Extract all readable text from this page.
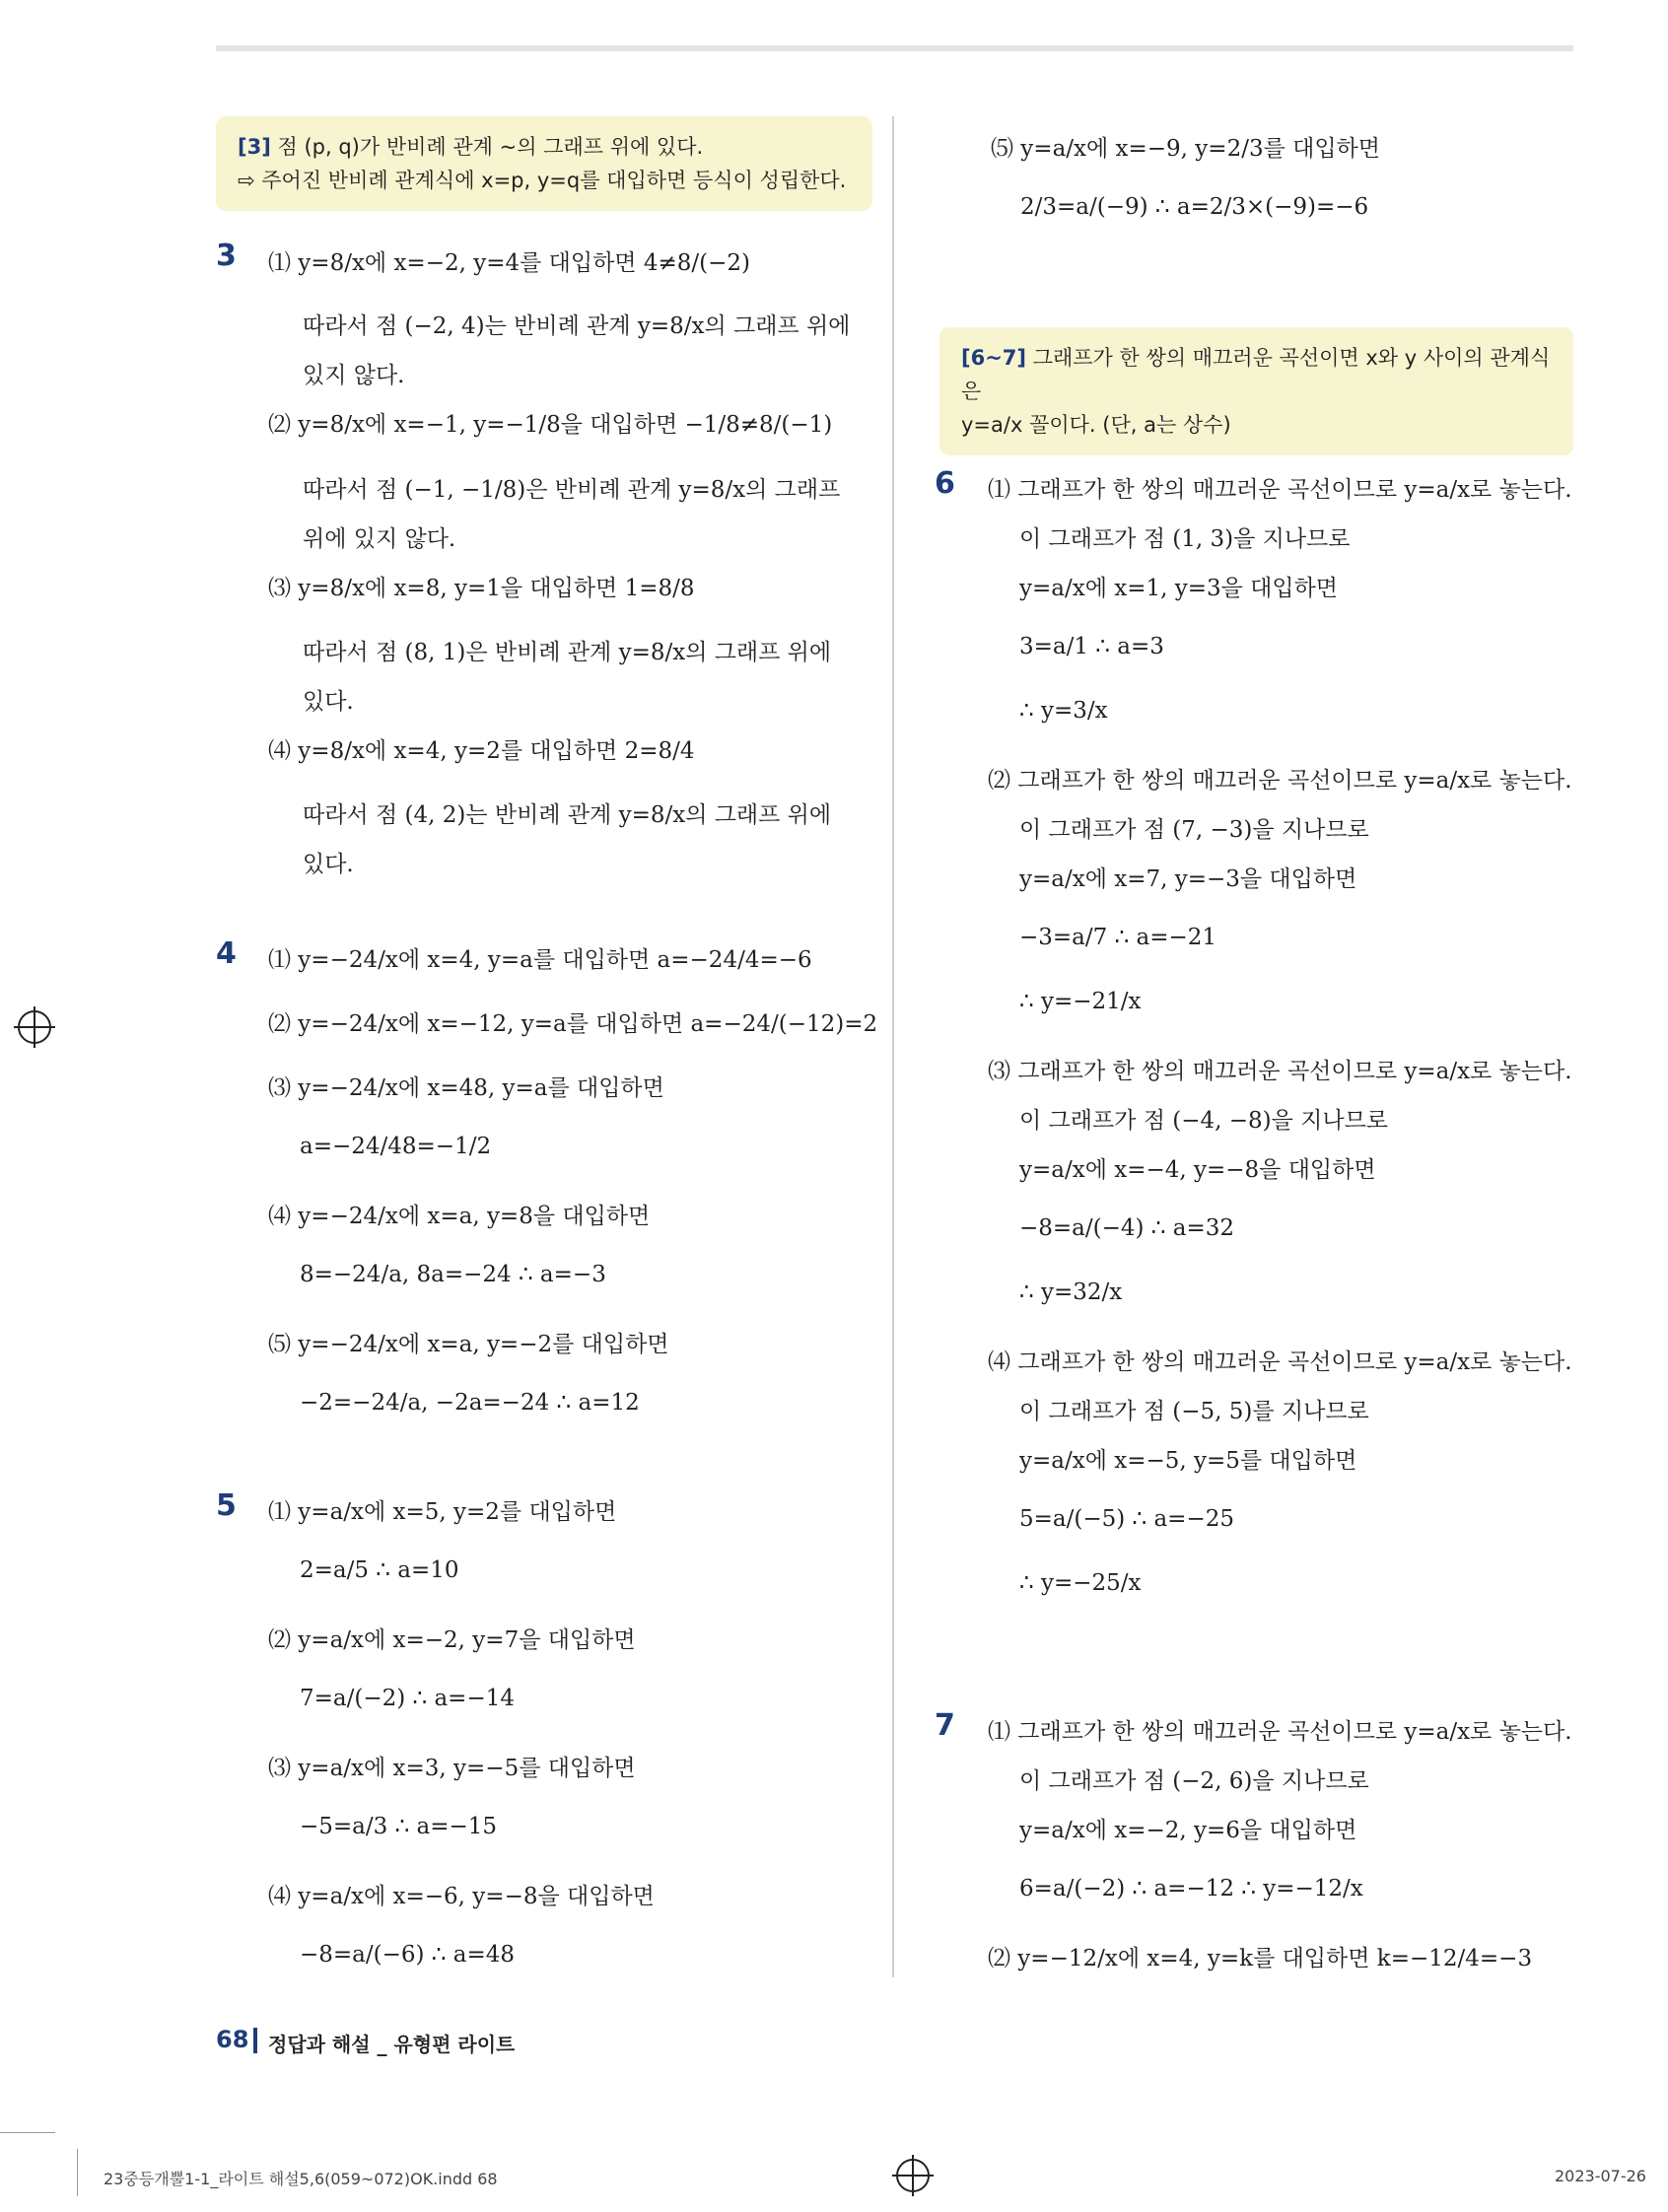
[3] 점 (p, q)가 반비례 관계 ~의 그래프 위에 있다.
⇨ 주어진 반비례 관계식에 x=p, y=q를 대입하면 등식이 성립한다.
3 ⑴ y=8/x에 x=−2, y=4를 대입하면 4≠8/(−2)
따라서 점 (−2, 4)는 반비례 관계 y=8/x의 그래프 위에
있지 않다.
⑵ y=8/x에 x=−1, y=−1/8을 대입하면 −1/8≠8/(−1)
따라서 점 (−1, −1/8)은 반비례 관계 y=8/x의 그래프
위에 있지 않다.
⑶ y=8/x에 x=8, y=1을 대입하면 1=8/8
따라서 점 (8, 1)은 반비례 관계 y=8/x의 그래프 위에
있다.
⑷ y=8/x에 x=4, y=2를 대입하면 2=8/4
따라서 점 (4, 2)는 반비례 관계 y=8/x의 그래프 위에
있다.
4 ⑴ y=−24/x에 x=4, y=a를 대입하면 a=−24/4=−6
⑵ y=−24/x에 x=−12, y=a를 대입하면 a=−24/(−12)=2
⑶ y=−24/x에 x=48, y=a를 대입하면
a=−24/48=−1/2
⑷ y=−24/x에 x=a, y=8을 대입하면
8=−24/a, 8a=−24 ∴ a=−3
⑸ y=−24/x에 x=a, y=−2를 대입하면
−2=−24/a, −2a=−24 ∴ a=12
5 ⑴ y=a/x에 x=5, y=2를 대입하면
2=a/5 ∴ a=10
⑵ y=a/x에 x=−2, y=7을 대입하면
7=a/(−2) ∴ a=−14
⑶ y=a/x에 x=3, y=−5를 대입하면
−5=a/3 ∴ a=−15
⑷ y=a/x에 x=−6, y=−8을 대입하면
−8=a/(−6) ∴ a=48
⑸ y=a/x에 x=−9, y=2/3를 대입하면
2/3=a/(−9) ∴ a=2/3×(−9)=−6
[6~7] 그래프가 한 쌍의 매끄러운 곡선이면 x와 y 사이의 관계식은
y=a/x 꼴이다. (단, a는 상수)
6 ⑴ 그래프가 한 쌍의 매끄러운 곡선이므로 y=a/x로 놓는다.
이 그래프가 점 (1, 3)을 지나므로
y=a/x에 x=1, y=3을 대입하면
3=a/1 ∴ a=3
∴ y=3/x
⑵ 그래프가 한 쌍의 매끄러운 곡선이므로 y=a/x로 놓는다.
이 그래프가 점 (7, −3)을 지나므로
y=a/x에 x=7, y=−3을 대입하면
−3=a/7 ∴ a=−21
∴ y=−21/x
⑶ 그래프가 한 쌍의 매끄러운 곡선이므로 y=a/x로 놓는다.
이 그래프가 점 (−4, −8)을 지나므로
y=a/x에 x=−4, y=−8을 대입하면
−8=a/(−4) ∴ a=32
∴ y=32/x
⑷ 그래프가 한 쌍의 매끄러운 곡선이므로 y=a/x로 놓는다.
이 그래프가 점 (−5, 5)를 지나므로
y=a/x에 x=−5, y=5를 대입하면
5=a/(−5) ∴ a=−25
∴ y=−25/x
7 ⑴ 그래프가 한 쌍의 매끄러운 곡선이므로 y=a/x로 놓는다.
이 그래프가 점 (−2, 6)을 지나므로
y=a/x에 x=−2, y=6을 대입하면
6=a/(−2) ∴ a=−12 ∴ y=−12/x
⑵ y=−12/x에 x=4, y=k를 대입하면 k=−12/4=−3
68 정답과 해설 _ 유형편 라이트
23중등개뿔1-1_라이트 해설5,6(059~072)OK.indd 68	2023-07-26
